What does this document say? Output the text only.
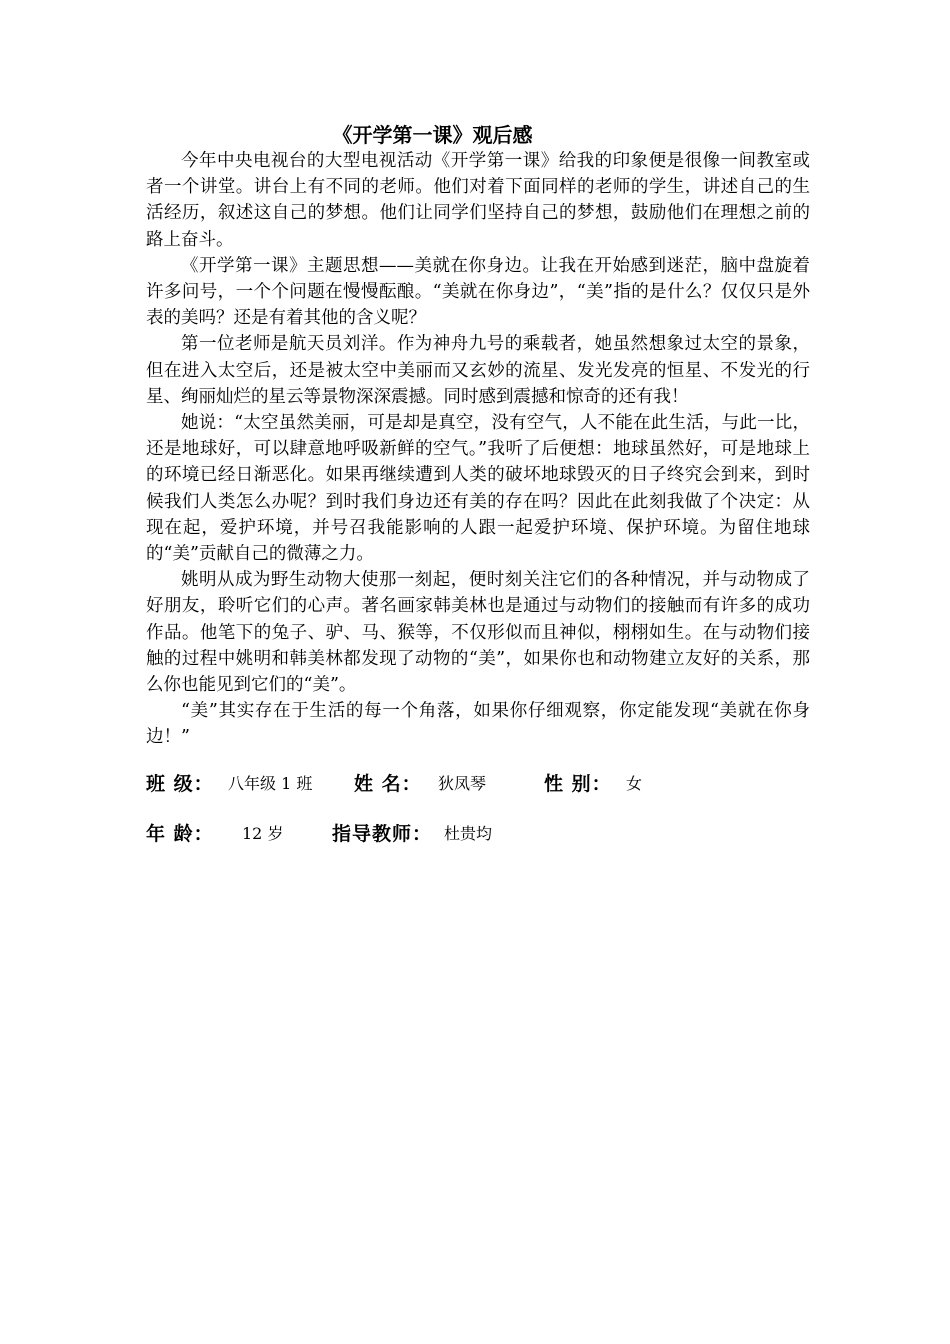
《开学第一课》观后感

今年中央电视台的大型电视活动《开学第一课》给我的印象便是很像一间教室或者一个讲堂。讲台上有不同的老师。他们对着下面同样的老师的学生，讲述自己的生活经历，叙述这自己的梦想。他们让同学们坚持自己的梦想，鼓励他们在理想之前的路上奋斗。

《开学第一课》主题思想——美就在你身边。让我在开始感到迷茫，脑中盘旋着许多问号，一个个问题在慢慢酝酿。“美就在你身边”，“美”指的是什么？仅仅只是外表的美吗？还是有着其他的含义呢？

第一位老师是航天员刘洋。作为神舟九号的乘载者，她虽然想象过太空的景象，但在进入太空后，还是被太空中美丽而又玄妙的流星、发光发亮的恒星、不发光的行星、绚丽灿烂的星云等景物深深震撼。同时感到震撼和惊奇的还有我！

她说：“太空虽然美丽，可是却是真空，没有空气，人不能在此生活，与此一比，还是地球好，可以肆意地呼吸新鲜的空气。”我听了后便想：地球虽然好，可是地球上的环境已经日渐恶化。如果再继续遭到人类的破坏地球毁灭的日子终究会到来，到时候我们人类怎么办呢？到时我们身边还有美的存在吗？因此在此刻我做了个决定：从现在起，爱护环境，并号召我能影响的人跟一起爱护环境、保护环境。为留住地球的“美”贡献自己的微薄之力。

姚明从成为野生动物大使那一刻起，便时刻关注它们的各种情况，并与动物成了好朋友，聆听它们的心声。著名画家韩美林也是通过与动物们的接触而有许多的成功作品。他笔下的兔子、驴、马、猴等，不仅形似而且神似，栩栩如生。在与动物们接触的过程中姚明和韩美林都发现了动物的“美”，如果你也和动物建立友好的关系，那么你也能见到它们的“美”。

“美”其实存在于生活的每一个角落，如果你仔细观察，你定能发现“美就在你身边！”

班 级： 八年级 1 班 姓 名： 狄凤琴	性 别： 女
年 龄： 12 岁	指导教师： 杜贵均
